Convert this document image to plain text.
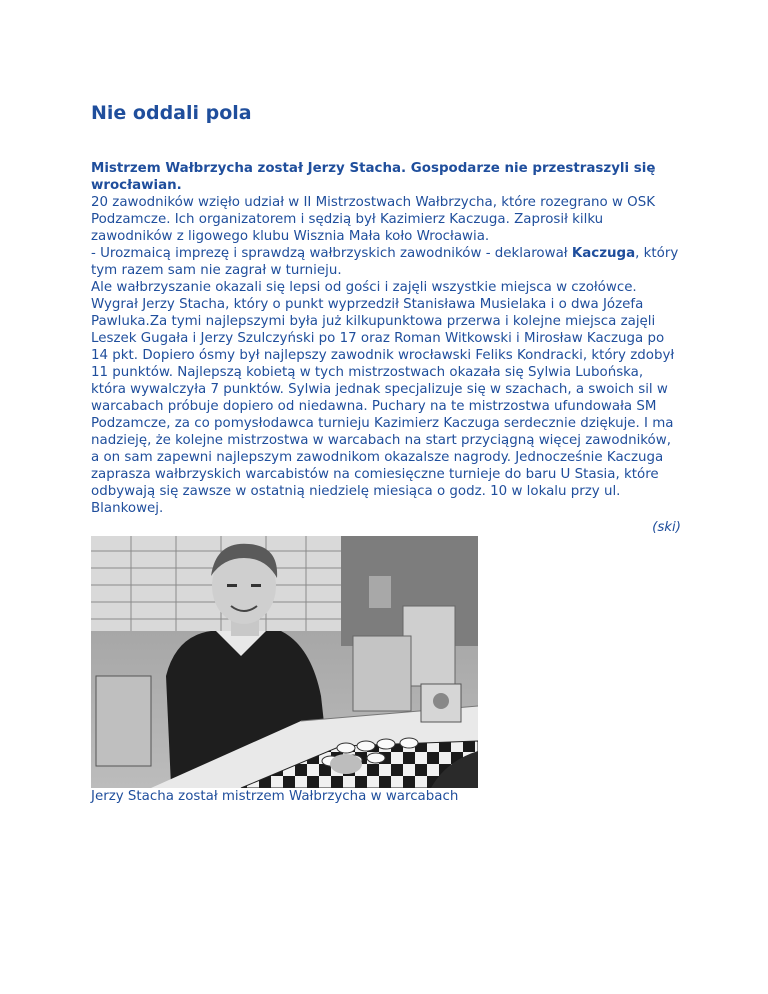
Nie oddali pola

Mistrzem Wałbrzycha został Jerzy Stacha. Gospodarze nie przestraszyli się wrocławian.

20 zawodników wzięło udział w II Mistrzostwach Wałbrzycha, które rozegrano w OSK Podzamcze. Ich organizatorem i sędzią był Kazimierz Kaczuga. Zaprosił kilku zawodników z ligowego klubu Wisznia Mała koło Wrocławia.

- Urozmaicą imprezę i sprawdzą wałbrzyskich zawodników - deklarował Kaczuga, który tym razem sam nie zagrał w turnieju.

Ale wałbrzyszanie okazali się lepsi od gości i zajęli wszystkie miejsca w czołówce. Wygrał Jerzy Stacha, który o punkt wyprzedził Stanisława Musielaka i o dwa Józefa Pawluka.Za tymi najlepszymi była już kilkupunktowa przerwa i kolejne miejsca zajęli Leszek Gugała i Jerzy Szulczyński po 17 oraz Roman Witkowski i Mirosław Kaczuga po 14 pkt. Dopiero ósmy był najlepszy zawodnik wrocławski Feliks Kondracki, który zdobył 11 punktów. Najlepszą kobietą w tych mistrzostwach okazała się Sylwia Lubońska, która wywalczyła 7 punktów. Sylwia jednak specjalizuje się w szachach, a swoich sil w warcabach próbuje dopiero od niedawna. Puchary na te mistrzostwa ufundowała SM Podzamcze, za co pomysłodawca turnieju Kazimierz Kaczuga serdecznie dziękuje. I ma nadzieję, że kolejne mistrzostwa w warcabach na start przyciągną więcej zawodników, a on sam zapewni najlepszym zawodnikom okazalsze nagrody. Jednocześnie Kaczuga zaprasza wałbrzyskich warcabistów na comiesięczne turnieje do baru U Stasia, które odbywają się zawsze w ostatnią niedzielę miesiąca o godz. 10 w lokalu przy ul. Blankowej.

(ski)

Jerzy Stacha został mistrzem Wałbrzycha w warcabach
